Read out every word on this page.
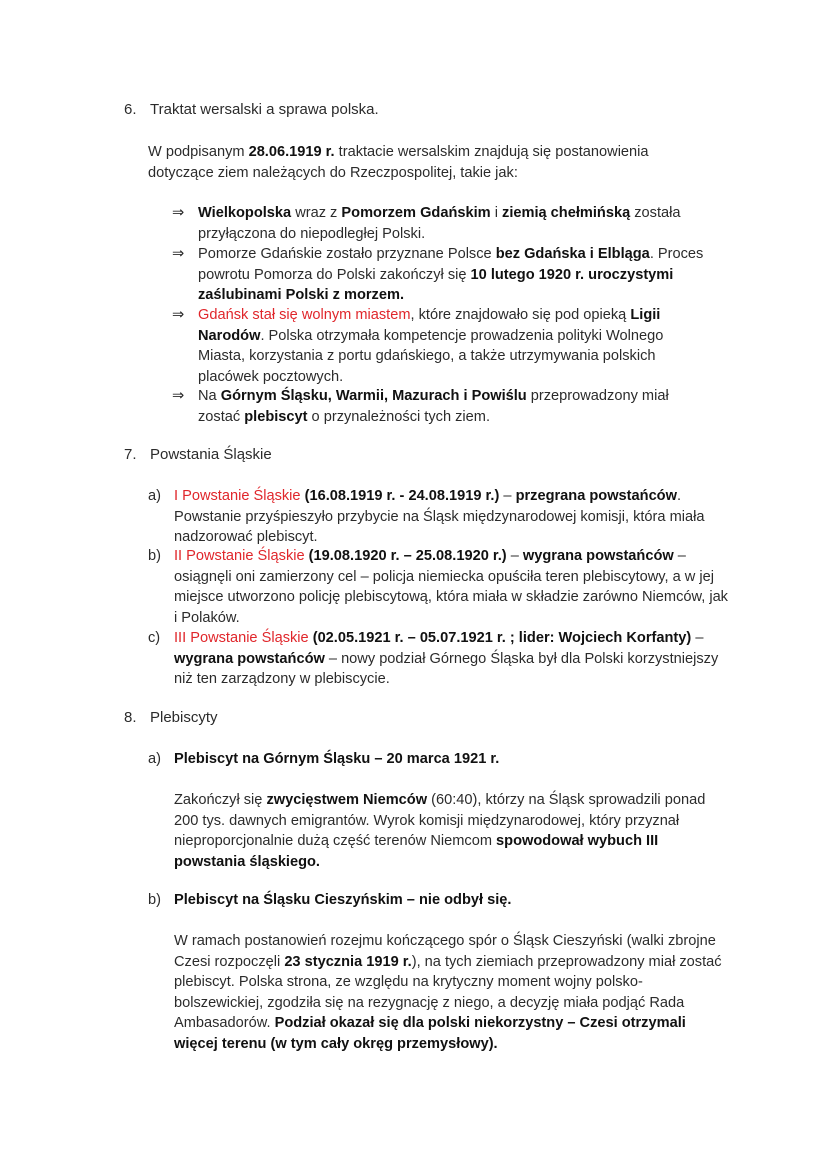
6. Traktat wersalski a sprawa polska.
W podpisanym 28.06.1919 r. traktacie wersalskim znajdują się postanowienia dotyczące ziem należących do Rzeczpospolitej, takie jak:
⇒ Wielkopolska wraz z Pomorzem Gdańskim i ziemią chełmińską została przyłączona do niepodległej Polski.
⇒ Pomorze Gdańskie zostało przyznane Polsce bez Gdańska i Elbląga. Proces powrotu Pomorza do Polski zakończył się 10 lutego 1920 r. uroczystymi zaślubinami Polski z morzem.
⇒ Gdańsk stał się wolnym miastem, które znajdowało się pod opieką Ligii Narodów. Polska otrzymała kompetencje prowadzenia polityki Wolnego Miasta, korzystania z portu gdańskiego, a także utrzymywania polskich placówek pocztowych.
⇒ Na Górnym Śląsku, Warmii, Mazurach i Powiślu przeprowadzony miał zostać plebiscyt o przynależności tych ziem.
7. Powstania Śląskie
a) I Powstanie Śląskie (16.08.1919 r. - 24.08.1919 r.) – przegrana powstańców. Powstanie przyśpieszyło przybycie na Śląsk międzynarodowej komisji, która miała nadzorować plebiscyt.
b) II Powstanie Śląskie (19.08.1920 r. – 25.08.1920 r.) – wygrana powstańców – osiągnęli oni zamierzony cel – policja niemiecka opuściła teren plebiscytowy, a w jej miejsce utworzono policję plebiscytową, która miała w składzie zarówno Niemców, jak i Polaków.
c) III Powstanie Śląskie (02.05.1921 r. – 05.07.1921 r. ; lider: Wojciech Korfanty) – wygrana powstańców – nowy podział Górnego Śląska był dla Polski korzystniejszy niż ten zarządzony w plebiscycie.
8. Plebiscyty
a) Plebiscyt na Górnym Śląsku – 20 marca 1921 r.
Zakończył się zwycięstwem Niemców (60:40), którzy na Śląsk sprowadzili ponad 200 tys. dawnych emigrantów. Wyrok komisji międzynarodowej, który przyznał nieproporcjonalnie dużą część terenów Niemcom spowodował wybuch III powstania śląskiego.
b) Plebiscyt na Śląsku Cieszyńskim – nie odbył się.
W ramach postanowień rozejmu kończącego spór o Śląsk Cieszyński (walki zbrojne Czesi rozpoczęli 23 stycznia 1919 r.), na tych ziemiach przeprowadzony miał zostać plebiscyt. Polska strona, ze względu na krytyczny moment wojny polsko-bolszewickiej, zgodziła się na rezygnację z niego, a decyzję miała podjąć Rada Ambasadorów. Podział okazał się dla polski niekorzystny – Czesi otrzymali więcej terenu (w tym cały okręg przemysłowy).
